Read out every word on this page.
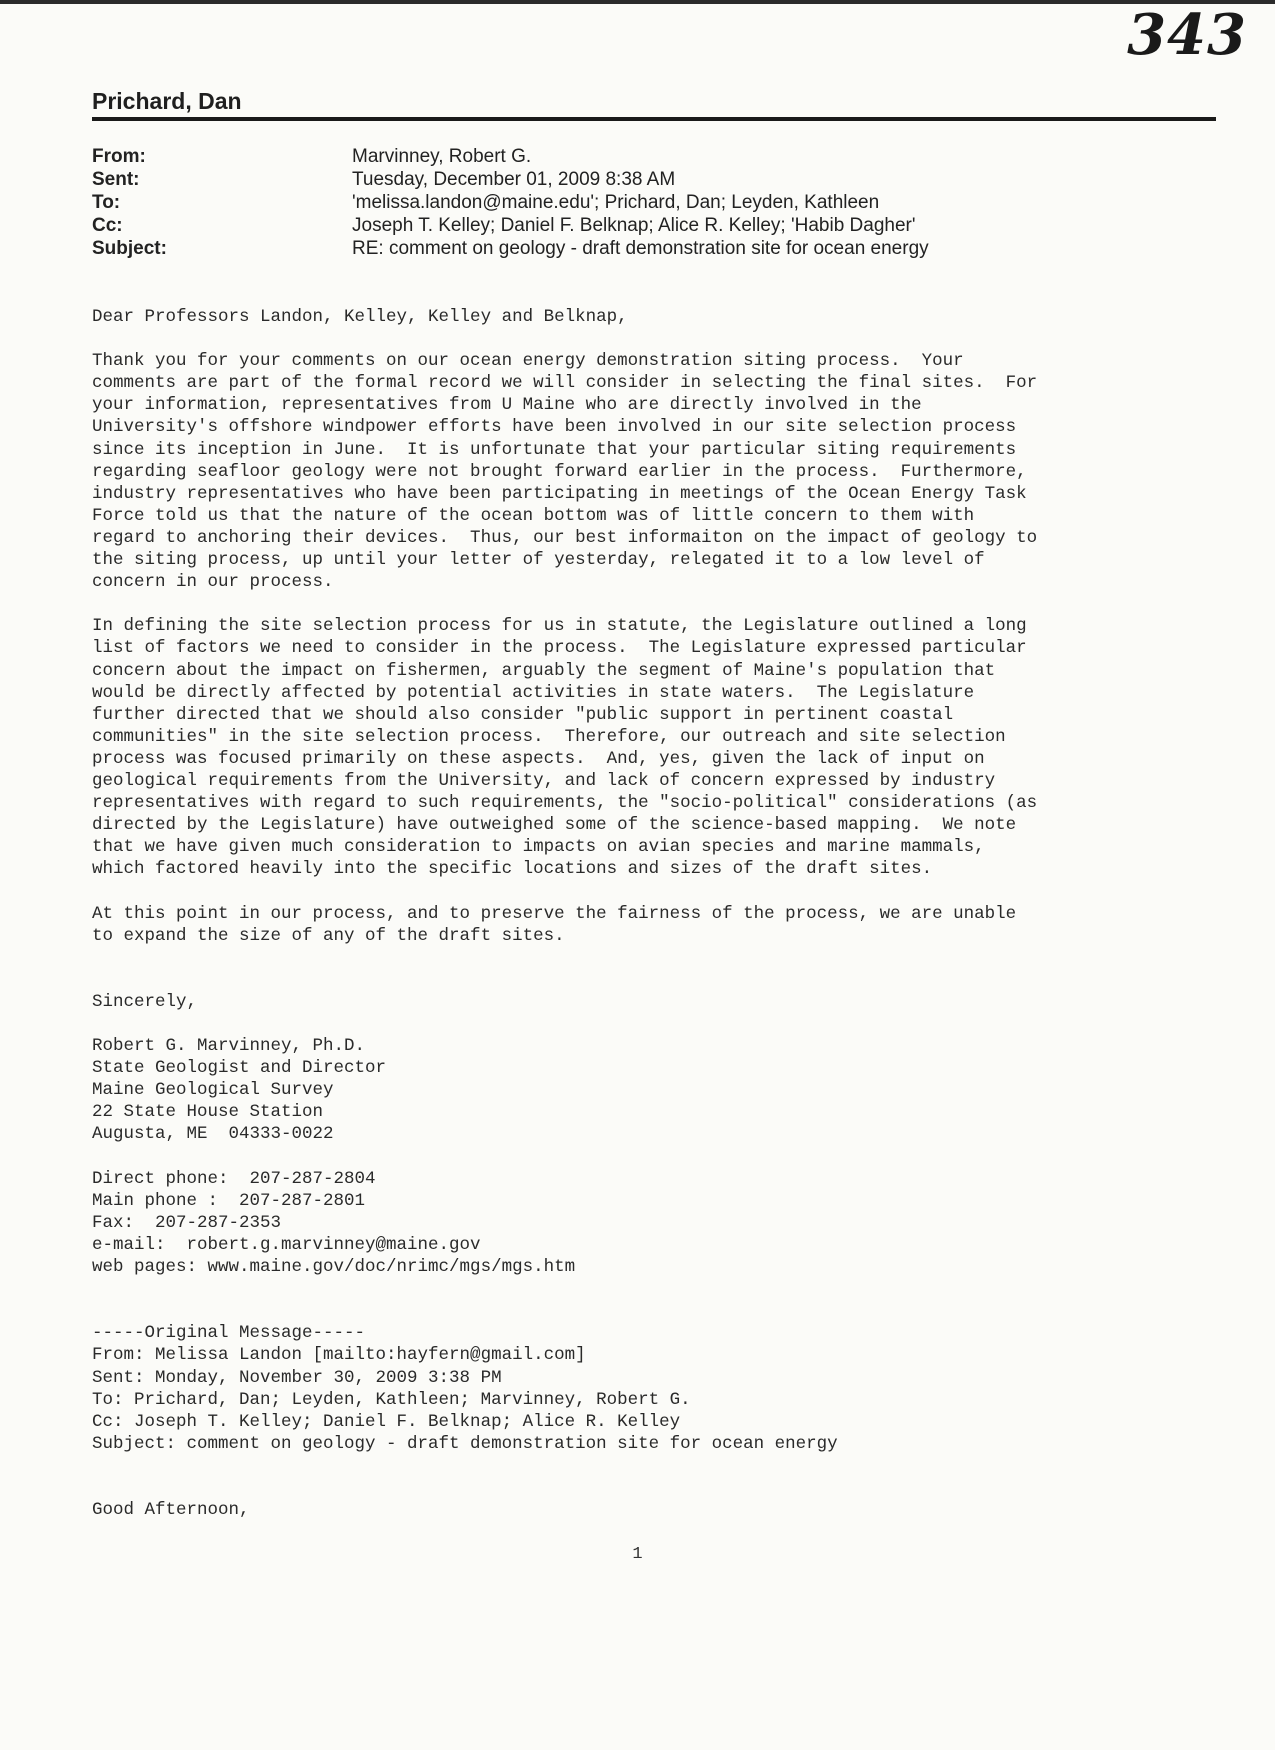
343
Prichard, Dan
From:	Marvinney, Robert G.
Sent:	Tuesday, December 01, 2009 8:38 AM
To:	'melissa.landon@maine.edu'; Prichard, Dan; Leyden, Kathleen
Cc:	Joseph T. Kelley; Daniel F. Belknap; Alice R. Kelley; 'Habib Dagher'
Subject:	RE: comment on geology - draft demonstration site for ocean energy
Dear Professors Landon, Kelley, Kelley and Belknap,
Thank you for your comments on our ocean energy demonstration siting process.  Your
comments are part of the formal record we will consider in selecting the final sites.  For
your information, representatives from U Maine who are directly involved in the
University's offshore windpower efforts have been involved in our site selection process
since its inception in June.  It is unfortunate that your particular siting requirements
regarding seafloor geology were not brought forward earlier in the process.  Furthermore,
industry representatives who have been participating in meetings of the Ocean Energy Task
Force told us that the nature of the ocean bottom was of little concern to them with
regard to anchoring their devices.  Thus, our best informaiton on the impact of geology to
the siting process, up until your letter of yesterday, relegated it to a low level of
concern in our process.
In defining the site selection process for us in statute, the Legislature outlined a long
list of factors we need to consider in the process.  The Legislature expressed particular
concern about the impact on fishermen, arguably the segment of Maine's population that
would be directly affected by potential activities in state waters.  The Legislature
further directed that we should also consider "public support in pertinent coastal
communities" in the site selection process.  Therefore, our outreach and site selection
process was focused primarily on these aspects.  And, yes, given the lack of input on
geological requirements from the University, and lack of concern expressed by industry
representatives with regard to such requirements, the "socio-political" considerations (as
directed by the Legislature) have outweighed some of the science-based mapping.  We note
that we have given much consideration to impacts on avian species and marine mammals,
which factored heavily into the specific locations and sizes of the draft sites.
At this point in our process, and to preserve the fairness of the process, we are unable
to expand the size of any of the draft sites.
Sincerely,
Robert G. Marvinney, Ph.D.
State Geologist and Director
Maine Geological Survey
22 State House Station
Augusta, ME  04333-0022
Direct phone:  207-287-2804
Main phone :  207-287-2801
Fax:  207-287-2353
e-mail:  robert.g.marvinney@maine.gov
web pages: www.maine.gov/doc/nrimc/mgs/mgs.htm
-----Original Message-----
From: Melissa Landon [mailto:hayfern@gmail.com]
Sent: Monday, November 30, 2009 3:38 PM
To: Prichard, Dan; Leyden, Kathleen; Marvinney, Robert G.
Cc: Joseph T. Kelley; Daniel F. Belknap; Alice R. Kelley
Subject: comment on geology - draft demonstration site for ocean energy
Good Afternoon,
1
